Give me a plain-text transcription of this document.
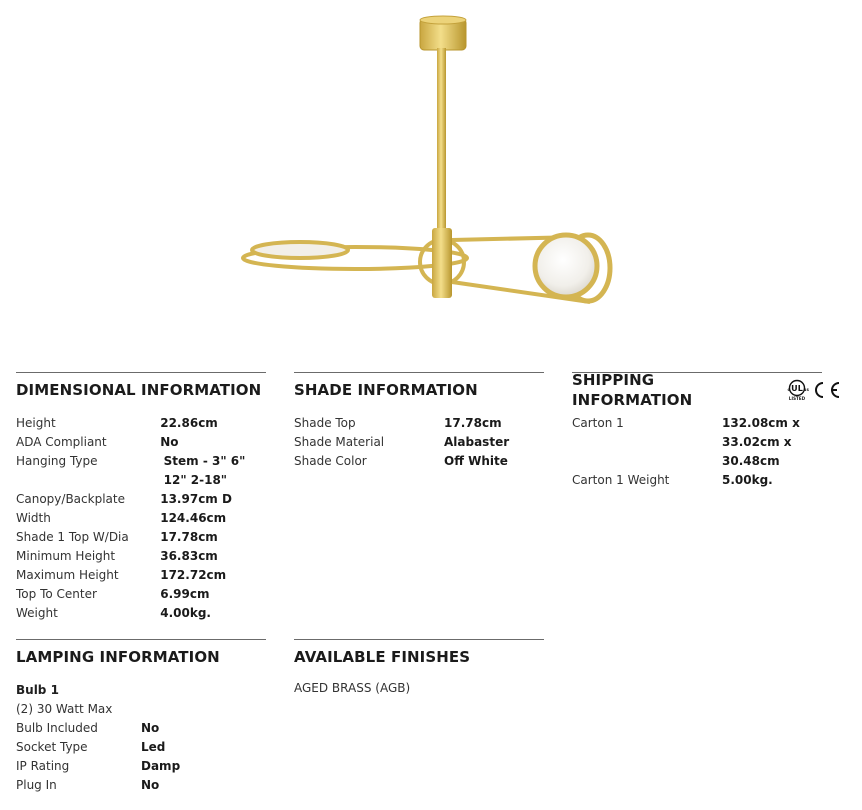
DIMENSIONAL INFORMATION
Height	22.86cm
ADA Compliant	No
Hanging Type	Stem - 3" 6" 12" 2-18"
Canopy/Backplate	13.97cm D
Width	124.46cm
Shade 1 Top W/Dia	17.78cm
Minimum Height	36.83cm
Maximum Height	172.72cm
Top To Center	6.99cm
Weight	4.00kg.
SHADE INFORMATION
Shade Top	17.78cm
Shade Material	Alabaster
Shade Color	Off White
SHIPPING INFORMATION
UL
c	us
LISTED
Carton 1	132.08cm x 33.02cm x 30.48cm
Carton 1 Weight	5.00kg.
LAMPING INFORMATION
Bulb 1
(2) 30 Watt Max
Bulb Included	No
Socket Type	Led
IP Rating	Damp
Plug In	No
AVAILABLE FINISHES
AGED BRASS (AGB)
